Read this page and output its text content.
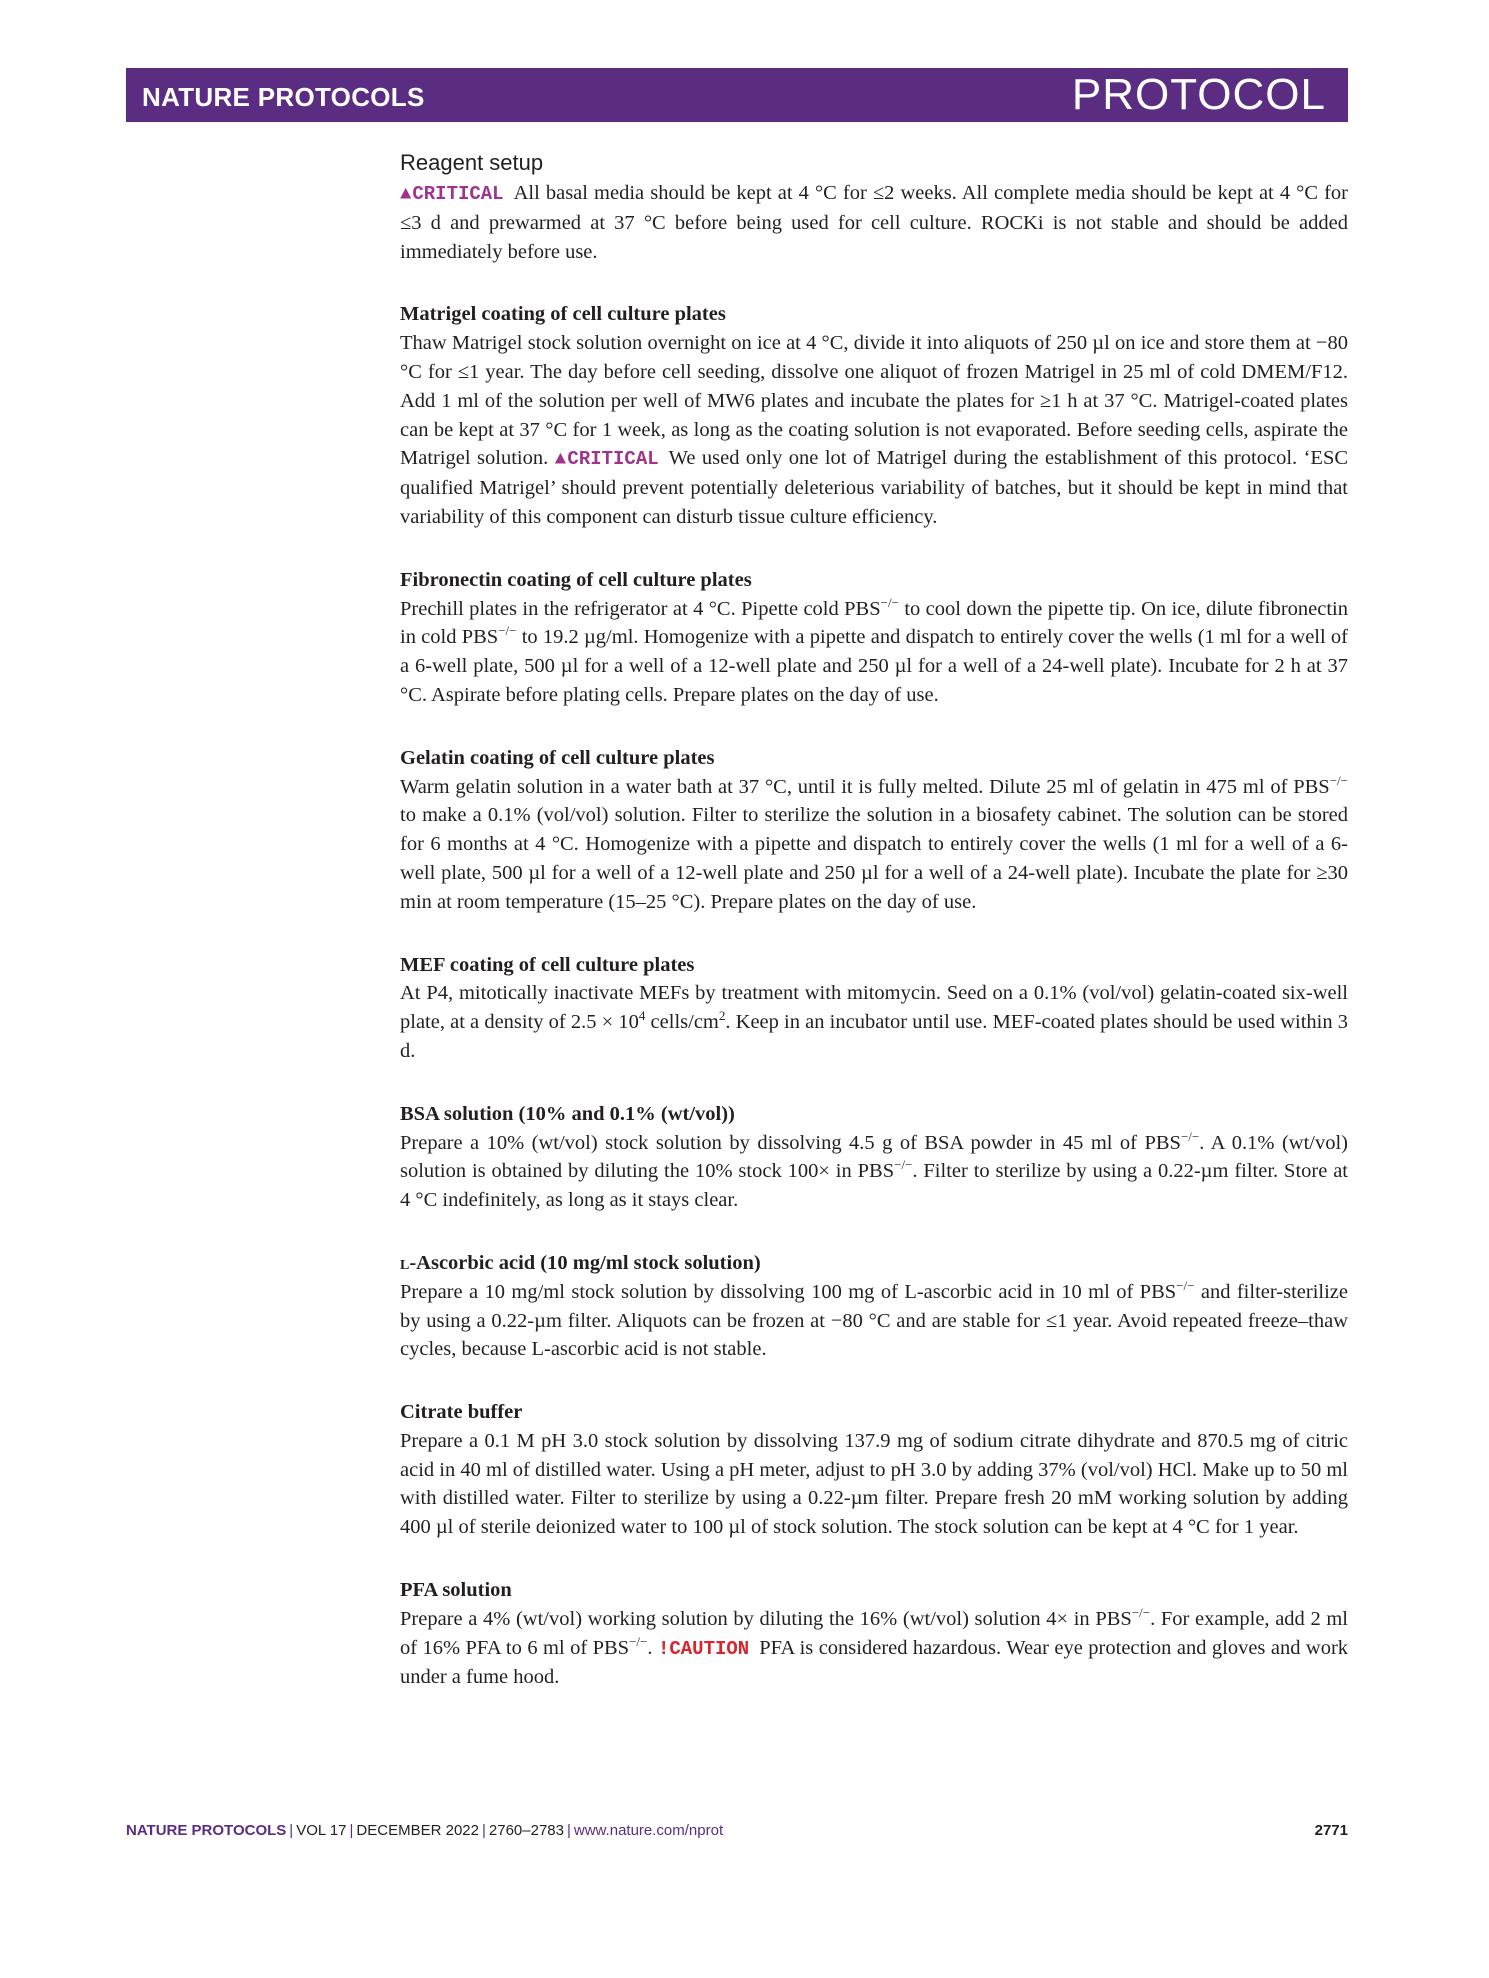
NATURE PROTOCOLS	PROTOCOL
Reagent setup
▲CRITICAL All basal media should be kept at 4 °C for ≤2 weeks. All complete media should be kept at 4 °C for ≤3 d and prewarmed at 37 °C before being used for cell culture. ROCKi is not stable and should be added immediately before use.
Matrigel coating of cell culture plates
Thaw Matrigel stock solution overnight on ice at 4 °C, divide it into aliquots of 250 µl on ice and store them at −80 °C for ≤1 year. The day before cell seeding, dissolve one aliquot of frozen Matrigel in 25 ml of cold DMEM/F12. Add 1 ml of the solution per well of MW6 plates and incubate the plates for ≥1 h at 37 °C. Matrigel-coated plates can be kept at 37 °C for 1 week, as long as the coating solution is not evaporated. Before seeding cells, aspirate the Matrigel solution. ▲CRITICAL We used only one lot of Matrigel during the establishment of this protocol. ‘ESC qualified Matrigel’ should prevent potentially deleterious variability of batches, but it should be kept in mind that variability of this component can disturb tissue culture efficiency.
Fibronectin coating of cell culture plates
Prechill plates in the refrigerator at 4 °C. Pipette cold PBS−/− to cool down the pipette tip. On ice, dilute fibronectin in cold PBS−/− to 19.2 µg/ml. Homogenize with a pipette and dispatch to entirely cover the wells (1 ml for a well of a 6-well plate, 500 µl for a well of a 12-well plate and 250 µl for a well of a 24-well plate). Incubate for 2 h at 37 °C. Aspirate before plating cells. Prepare plates on the day of use.
Gelatin coating of cell culture plates
Warm gelatin solution in a water bath at 37 °C, until it is fully melted. Dilute 25 ml of gelatin in 475 ml of PBS−/− to make a 0.1% (vol/vol) solution. Filter to sterilize the solution in a biosafety cabinet. The solution can be stored for 6 months at 4 °C. Homogenize with a pipette and dispatch to entirely cover the wells (1 ml for a well of a 6-well plate, 500 µl for a well of a 12-well plate and 250 µl for a well of a 24-well plate). Incubate the plate for ≥30 min at room temperature (15–25 °C). Prepare plates on the day of use.
MEF coating of cell culture plates
At P4, mitotically inactivate MEFs by treatment with mitomycin. Seed on a 0.1% (vol/vol) gelatin-coated six-well plate, at a density of $2.5 \times 10^4$ cells/$cm^2$. Keep in an incubator until use. MEF-coated plates should be used within 3 d.
BSA solution (10% and 0.1% (wt/vol))
Prepare a 10% (wt/vol) stock solution by dissolving 4.5 g of BSA powder in 45 ml of PBS−/−. A 0.1% (wt/vol) solution is obtained by diluting the 10% stock 100× in PBS−/−. Filter to sterilize by using a 0.22-µm filter. Store at 4 °C indefinitely, as long as it stays clear.
l-Ascorbic acid (10 mg/ml stock solution)
Prepare a 10 mg/ml stock solution by dissolving 100 mg of L-ascorbic acid in 10 ml of PBS−/− and filter-sterilize by using a 0.22-µm filter. Aliquots can be frozen at −80 °C and are stable for ≤1 year. Avoid repeated freeze–thaw cycles, because L-ascorbic acid is not stable.
Citrate buffer
Prepare a 0.1 M pH 3.0 stock solution by dissolving 137.9 mg of sodium citrate dihydrate and 870.5 mg of citric acid in 40 ml of distilled water. Using a pH meter, adjust to pH 3.0 by adding 37% (vol/vol) HCl. Make up to 50 ml with distilled water. Filter to sterilize by using a 0.22-µm filter. Prepare fresh 20 mM working solution by adding 400 µl of sterile deionized water to 100 µl of stock solution. The stock solution can be kept at 4 °C for 1 year.
PFA solution
Prepare a 4% (wt/vol) working solution by diluting the 16% (wt/vol) solution 4× in PBS−/−. For example, add 2 ml of 16% PFA to 6 ml of PBS−/−. !CAUTION PFA is considered hazardous. Wear eye protection and gloves and work under a fume hood.
NATURE PROTOCOLS | VOL 17 | DECEMBER 2022 | 2760–2783 | www.nature.com/nprot	2771
